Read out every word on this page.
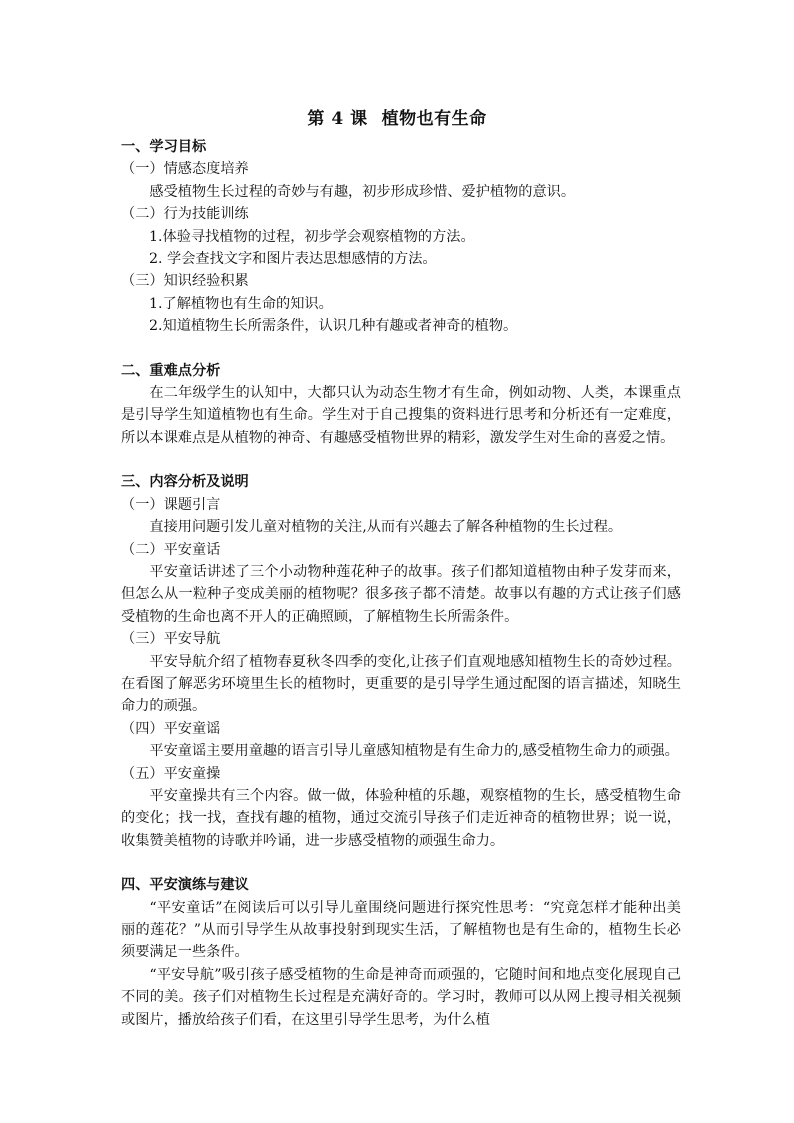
第 4 课 植物也有生命

一、学习目标

（一）情感态度培养

感受植物生长过程的奇妙与有趣，初步形成珍惜、爱护植物的意识。

（二）行为技能训练

1.体验寻找植物的过程，初步学会观察植物的方法。

2. 学会查找文字和图片表达思想感情的方法。

（三）知识经验积累

1.了解植物也有生命的知识。

2.知道植物生长所需条件，认识几种有趣或者神奇的植物。

二、重难点分析

在二年级学生的认知中，大都只认为动态生物才有生命，例如动物、人类，本课重点是引导学生知道植物也有生命。学生对于自己搜集的资料进行思考和分析还有一定难度，所以本课难点是从植物的神奇、有趣感受植物世界的精彩，激发学生对生命的喜爱之情。

三、内容分析及说明

（一）课题引言

直接用问题引发儿童对植物的关注,从而有兴趣去了解各种植物的生长过程。

（二）平安童话

平安童话讲述了三个小动物种莲花种子的故事。孩子们都知道植物由种子发芽而来，但怎么从一粒种子变成美丽的植物呢？很多孩子都不清楚。故事以有趣的方式让孩子们感受植物的生命也离不开人的正确照顾，了解植物生长所需条件。

（三）平安导航

平安导航介绍了植物春夏秋冬四季的变化,让孩子们直观地感知植物生长的奇妙过程。在看图了解恶劣环境里生长的植物时，更重要的是引导学生通过配图的语言描述，知晓生命力的顽强。

（四）平安童谣

平安童谣主要用童趣的语言引导儿童感知植物是有生命力的,感受植物生命力的顽强。

（五）平安童操

平安童操共有三个内容。做一做，体验种植的乐趣，观察植物的生长，感受植物生命的变化；找一找，查找有趣的植物，通过交流引导孩子们走近神奇的植物世界；说一说，收集赞美植物的诗歌并吟诵，进一步感受植物的顽强生命力。

四、平安演练与建议

“平安童话”在阅读后可以引导儿童围绕问题进行探究性思考：“究竟怎样才能种出美丽的莲花？”从而引导学生从故事投射到现实生活，了解植物也是有生命的，植物生长必须要满足一些条件。

“平安导航”吸引孩子感受植物的生命是神奇而顽强的，它随时间和地点变化展现自己不同的美。孩子们对植物生长过程是充满好奇的。学习时，教师可以从网上搜寻相关视频或图片，播放给孩子们看，在这里引导学生思考，为什么植
